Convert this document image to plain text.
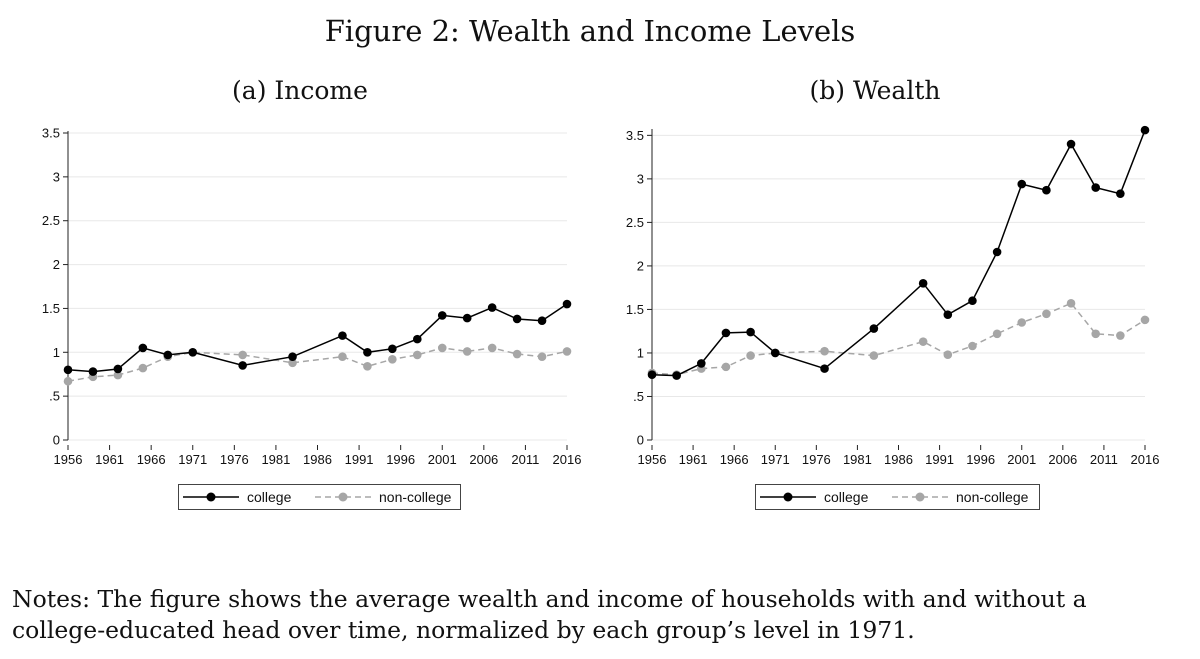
Figure 2: Wealth and Income Levels
(a) Income
0
.5
1
1.5
2
2.5
3
3.5
1956 1961 1966 1971 1976 1981 1986 1991 1996 2001 2006 2011 2016
college	non-college
(b) Wealth
0
.5
1
1.5
2
2.5
3
3.5
1956 1961 1966 1971 1976 1981 1986 1991 1996 2001 2006 2011 2016
college	non-college
Notes: The figure shows the average wealth and income of households with and without a college-educated head over time, normalized by each group’s level in 1971.
